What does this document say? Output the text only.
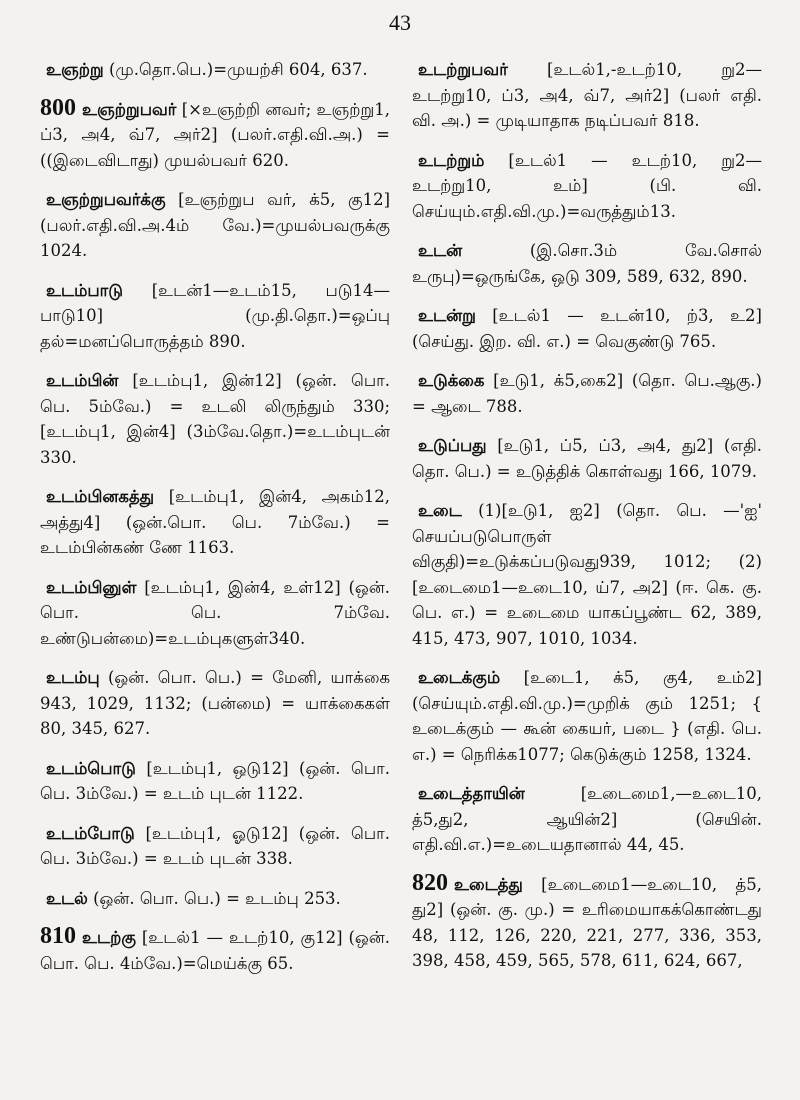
43
உஞற்று (மு.தொ.பெ.)=முயற்சி 604, 637.
800 உஞற்றுபவர் [×உஞற்றி னவர்; உஞற்று1, ப்3, அ4, வ்7, அர்2] (பலர்.எதி.வி.அ.) = ((இடைவிடாது) முயல்பவர் 620.
உஞற்றுபவர்க்கு [உஞற்றுப வர், க்5, கு12] (பலர்.எதி.வி.அ.4ம் வே.)=முயல்பவருக்கு 1024.
உடம்பாடு [உடன்1—உடம்15, படு14—பாடு10] (மு.தி.தொ.)=ஒப்பு தல்=மனப்பொருத்தம் 890.
உடம்பின் [உடம்பு1, இன்12] (ஒன். பொ. பெ. 5ம்வே.) = உடலி லிருந்தும் 330; [உடம்பு1, இன்4] (3ம்வே.தொ.)=உடம்புடன் 330.
உடம்பினகத்து [உடம்பு1, இன்4, அகம்12, அத்து4] (ஒன்.பொ. பெ. 7ம்வே.) = உடம்பின்கண் ணே 1163.
உடம்பினுள் [உடம்பு1, இன்4, உள்12] (ஒன். பொ. பெ. 7ம்வே. உண்டுபன்மை)=உடம்புகளுள்340.
உடம்பு (ஒன். பொ. பெ.) = மேனி, யாக்கை 943, 1029, 1132; (பன்மை) = யாக்கைகள் 80, 345, 627.
உடம்பொடு [உடம்பு1, ஒடு12] (ஒன். பொ. பெ. 3ம்வே.) = உடம் புடன் 1122.
உடம்போடு [உடம்பு1, ஓடு12] (ஒன். பொ. பெ. 3ம்வே.) = உடம் புடன் 338.
உடல் (ஒன். பொ. பெ.) = உடம்பு 253.
810 உடற்கு [உடல்1 — உடற்10, கு12] (ஒன். பொ. பெ. 4ம்வே.)=மெய்க்கு 65.
உடற்றுபவர் [உடல்1,-உடற்10, று2—உடற்று10, ப்3, அ4, வ்7, அர்2] (பலர் எதி. வி. அ.) = முடியாதாக நடிப்பவர் 818.
உடற்றும் [உடல்1 — உடற்10, று2—உடற்று10, உம்] (பி. வி. செய்யும்.எதி.வி.மு.)=வருத்தும்13.
உடன்	(இ.சொ.3ம் வே.சொல் உருபு)=ஒருங்கே, ஒடு 309, 589, 632, 890.
உடன்று [உடல்1 — உடன்10, ற்3, உ2] (செய்து. இற. வி. எ.) = வெகுண்டு 765.
உடுக்கை [உடு1, க்5,கை2] (தொ. பெ.ஆகு.) = ஆடை 788.
உடுப்பது [உடு1, ப்5, ப்3, அ4, து2] (எதி. தொ. பெ.) = உடுத்திக் கொள்வது 166, 1079.
உடை (1)[உடு1, ஐ2] (தொ. பெ. —'ஐ' செயப்படுபொருள் விகுதி)=உடுக்கப்படுவது939, 1012; (2) [உடைமை1—உடை10, ய்7, அ2] (ஈ. கெ. கு. பெ. எ.) = உடைமை யாகப்பூண்ட 62, 389, 415, 473, 907, 1010, 1034.
உடைக்கும் [உடை1, க்5, கு4, உம்2] (செய்யும்.எதி.வி.மு.)=முறிக் கும் 1251; { உடைக்கும் — கூன் கையர், படை } (எதி. பெ. எ.) = நெரிக்க1077; கெடுக்கும் 1258, 1324.
உடைத்தாயின்	[உடைமை1,—உடை10, த்5,து2, ஆயின்2] (செயின். எதி.வி.எ.)=உடையதானால் 44, 45.
820 உடைத்து [உடைமை1—உடை10, த்5, து2] (ஒன். கு. மு.) = உரிமையாகக்கொண்டது 48, 112, 126, 220, 221, 277, 336, 353, 398, 458, 459, 565, 578, 611, 624, 667,
